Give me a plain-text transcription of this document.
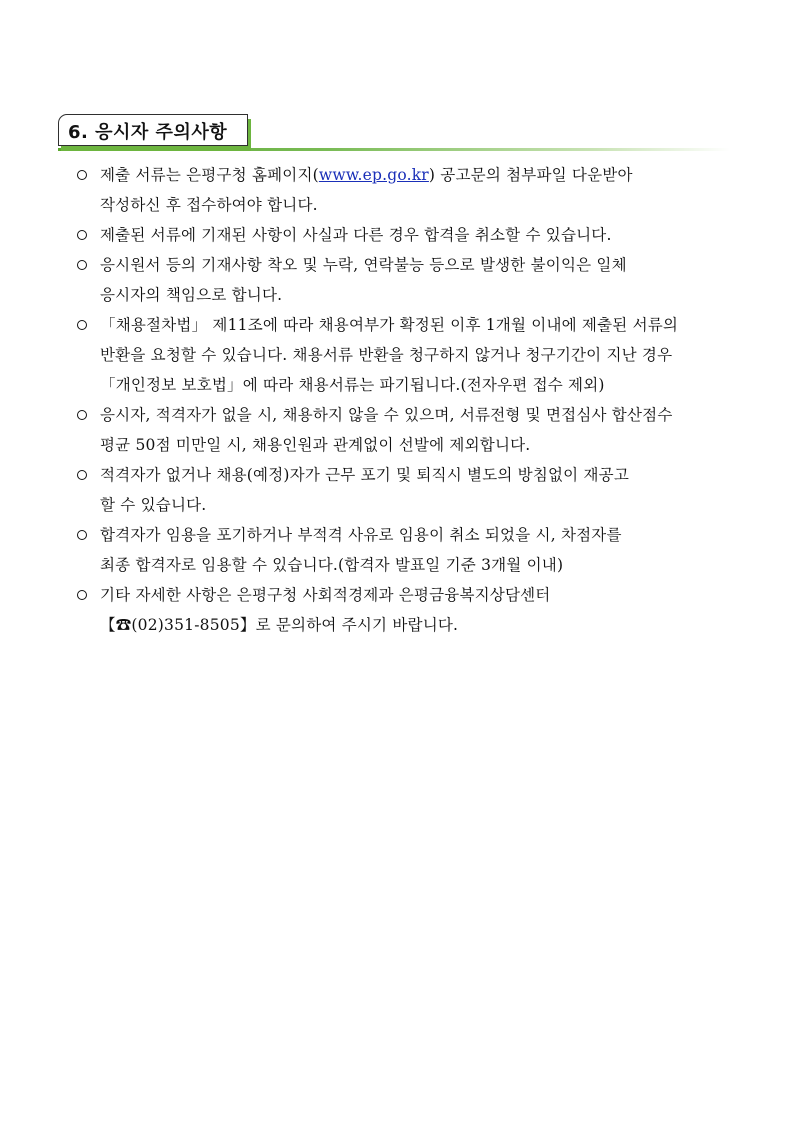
6. 응시자 주의사항
제출 서류는 은평구청 홈페이지(www.ep.go.kr) 공고문의 첨부파일 다운받아
작성하신 후 접수하여야 합니다.
제출된 서류에 기재된 사항이 사실과 다른 경우 합격을 취소할 수 있습니다.
응시원서 등의 기재사항 착오 및 누락, 연락불능 등으로 발생한 불이익은 일체
응시자의 책임으로 합니다.
「채용절차법」 제11조에 따라 채용여부가 확정된 이후 1개월 이내에 제출된 서류의
반환을 요청할 수 있습니다. 채용서류 반환을 청구하지 않거나 청구기간이 지난 경우
「개인정보 보호법」에 따라 채용서류는 파기됩니다.(전자우편 접수 제외)
응시자, 적격자가 없을 시, 채용하지 않을 수 있으며, 서류전형 및 면접심사 합산점수
평균 50점 미만일 시, 채용인원과 관계없이 선발에 제외합니다.
적격자가 없거나 채용(예정)자가 근무 포기 및 퇴직시 별도의 방침없이 재공고
할 수 있습니다.
합격자가 임용을 포기하거나 부적격 사유로 임용이 취소 되었을 시, 차점자를
최종 합격자로 임용할 수 있습니다.(합격자 발표일 기준 3개월 이내)
기타 자세한 사항은 은평구청 사회적경제과 은평금융복지상담센터
【☎(02)351-8505】로 문의하여 주시기 바랍니다.
